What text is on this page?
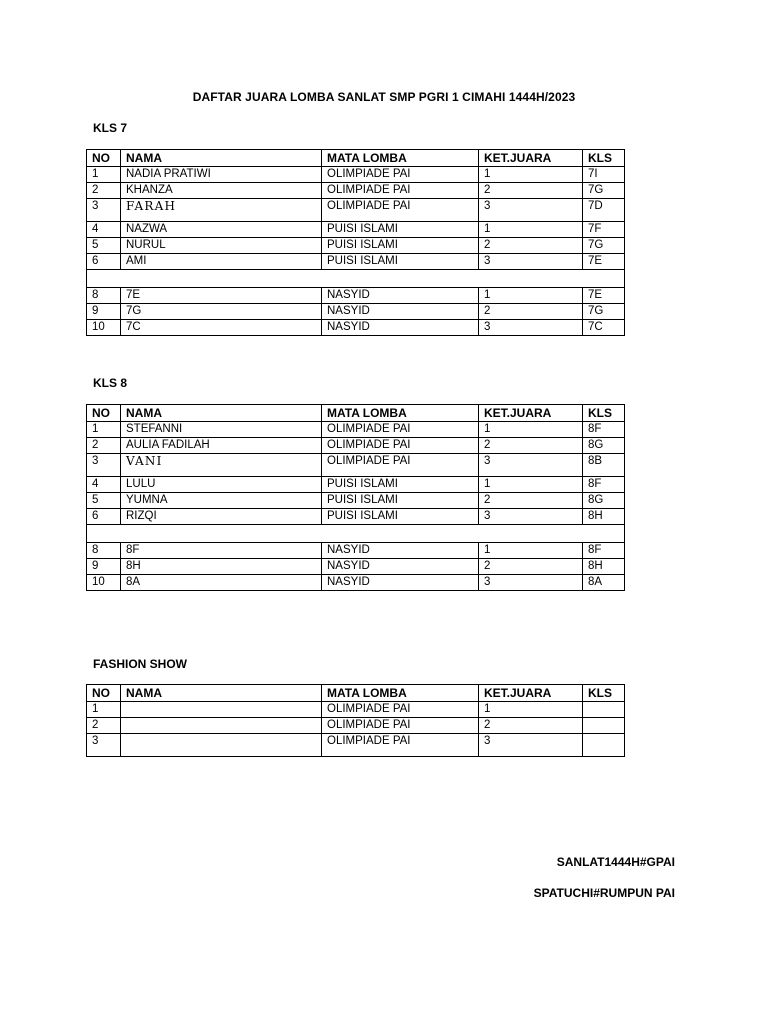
DAFTAR JUARA LOMBA SANLAT SMP PGRI 1 CIMAHI 1444H/2023
KLS 7
NO	NAMA	MATA LOMBA	KET.JUARA	KLS
1	NADIA PRATIWI	OLIMPIADE PAI	1	7I
2	KHANZA	OLIMPIADE PAI	2	7G
3	FARAH	OLIMPIADE PAI	3	7D
4	NAZWA	PUISI ISLAMI	1	7F
5	NURUL	PUISI ISLAMI	2	7G
6	AMI	PUISI ISLAMI	3	7E

8	7E	NASYID	1	7E
9	7G	NASYID	2	7G
10	7C	NASYID	3	7C
KLS 8
NO	NAMA	MATA LOMBA	KET.JUARA	KLS
1	STEFANNI	OLIMPIADE PAI	1	8F
2	AULIA FADILAH	OLIMPIADE PAI	2	8G
3	VANI	OLIMPIADE PAI	3	8B
4	LULU	PUISI ISLAMI	1	8F
5	YUMNA	PUISI ISLAMI	2	8G
6	RIZQI	PUISI ISLAMI	3	8H

8	8F	NASYID	1	8F
9	8H	NASYID	2	8H
10	8A	NASYID	3	8A
FASHION SHOW
NO	NAMA	MATA LOMBA	KET.JUARA	KLS
1		OLIMPIADE PAI	1	
2		OLIMPIADE PAI	2	
3		OLIMPIADE PAI	3	
SANLAT1444H#GPAI
SPATUCHI#RUMPUN PAI
